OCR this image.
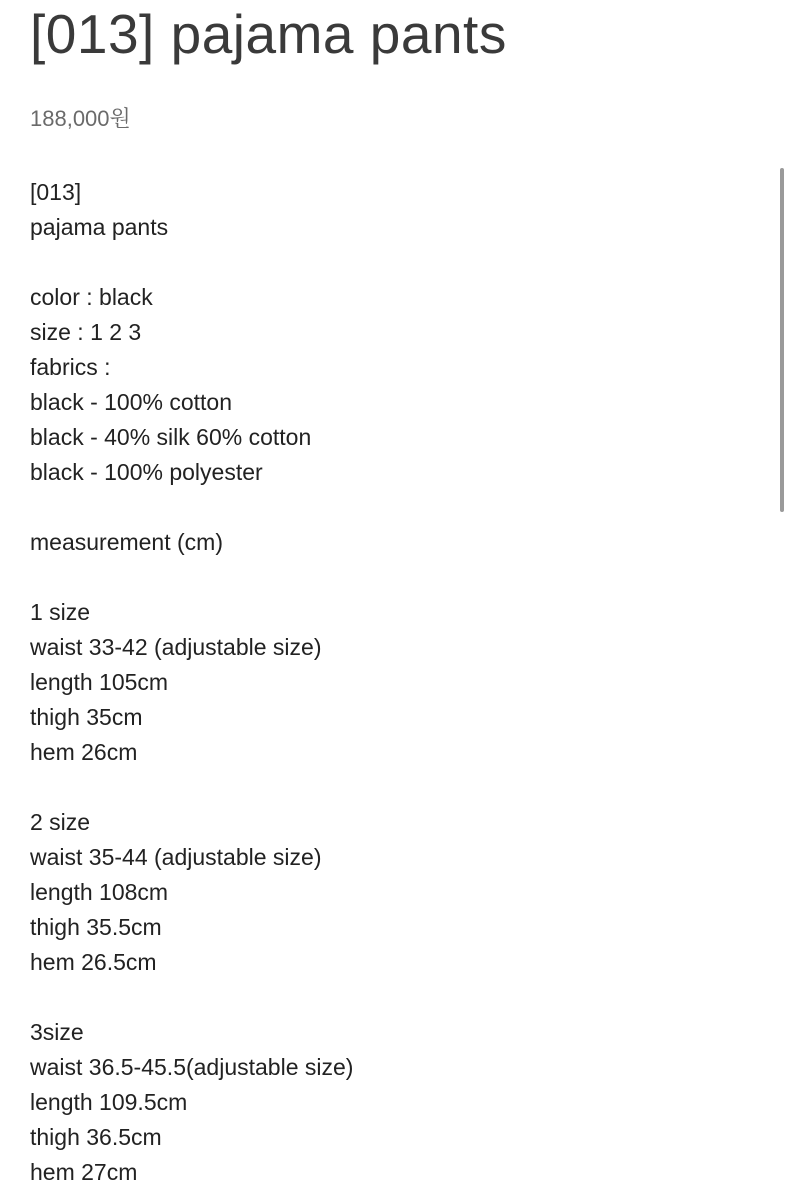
[013] pajama pants
188,000원
[013]
pajama pants
color : black
size : 1 2 3
fabrics :
black - 100% cotton
black - 40% silk 60% cotton
black - 100% polyester
measurement (cm)
1 size
waist 33-42 (adjustable size)
length 105cm
thigh 35cm
hem 26cm
2 size
waist 35-44 (adjustable size)
length 108cm
thigh 35.5cm
hem 26.5cm
3size
waist 36.5-45.5(adjustable size)
length 109.5cm
thigh 36.5cm
hem 27cm
